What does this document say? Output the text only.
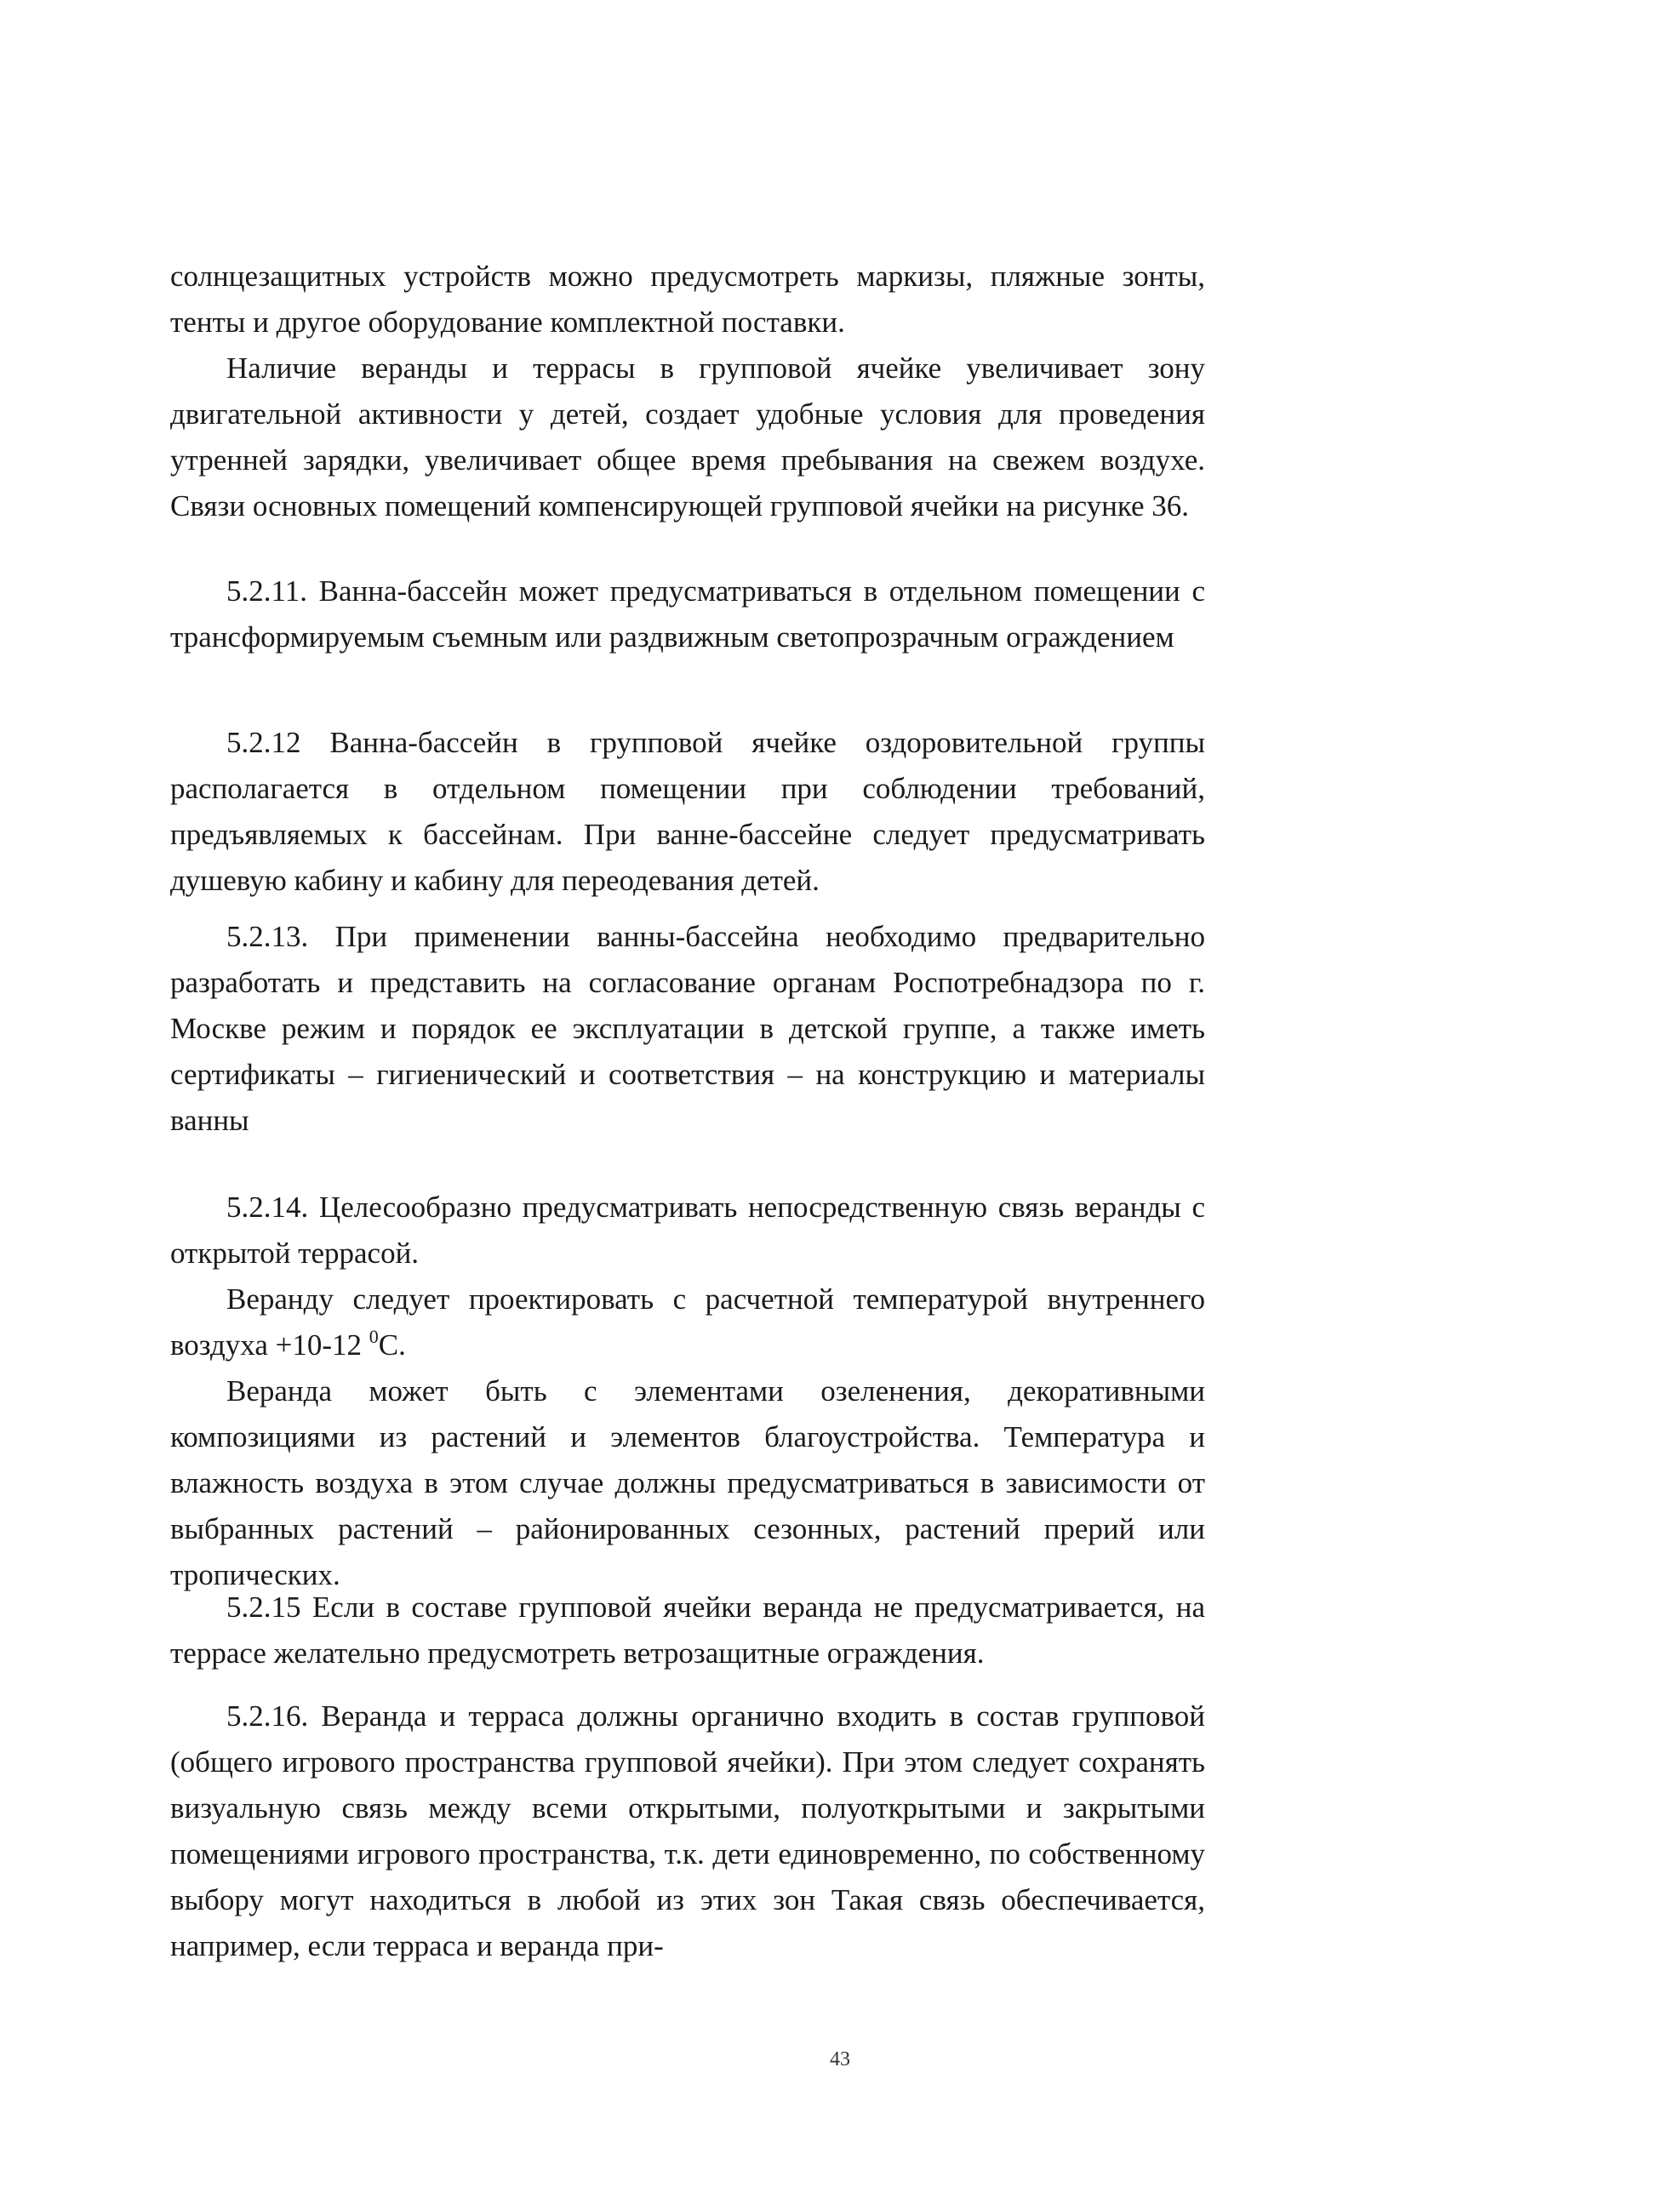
солнцезащитных устройств можно предусмотреть маркизы, пляжные зонты, тенты и другое оборудование комплектной поставки.

Наличие веранды и террасы в групповой ячейке увеличивает зону двигательной активности у детей, создает удобные условия для проведения утренней зарядки, увеличивает общее время пребывания на свежем воздухе. Связи основных помещений компенсирующей групповой ячейки на рисунке 36.

5.2.11. Ванна-бассейн может предусматриваться в отдельном помещении с трансформируемым съемным или раздвижным светопрозрачным ограждением

5.2.12 Ванна-бассейн в групповой ячейке оздоровительной группы располагается в отдельном помещении при соблюдении требований, предъявляемых к бассейнам. При ванне-бассейне следует предусматривать душевую кабину и кабину для переодевания детей.

5.2.13. При применении ванны-бассейна необходимо предварительно разработать и представить на согласование органам Роспотребнадзора по г. Москве режим и порядок ее эксплуатации в детской группе, а также иметь сертификаты – гигиенический и соответствия – на конструкцию и материалы ванны

5.2.14. Целесообразно предусматривать непосредственную связь веранды с открытой террасой.

Веранду следует проектировать с расчетной температурой внутреннего воздуха +10-12 $^0$С.

Веранда может быть с элементами озеленения, декоративными композициями из растений и элементов благоустройства. Температура и влажность воздуха в этом случае должны предусматриваться в зависимости от выбранных растений – районированных сезонных, растений прерий или тропических.

5.2.15 Если в составе групповой ячейки веранда не предусматривается, на террасе желательно предусмотреть ветрозащитные ограждения.

5.2.16. Веранда и терраса должны органично входить в состав групповой (общего игрового пространства групповой ячейки). При этом следует сохранять визуальную связь между всеми открытыми, полуоткрытыми и закрытыми помещениями игрового пространства, т.к. дети единовременно, по собственному выбору могут находиться в любой из этих зон Такая связь обеспечивается, например, если терраса и веранда при-

43
